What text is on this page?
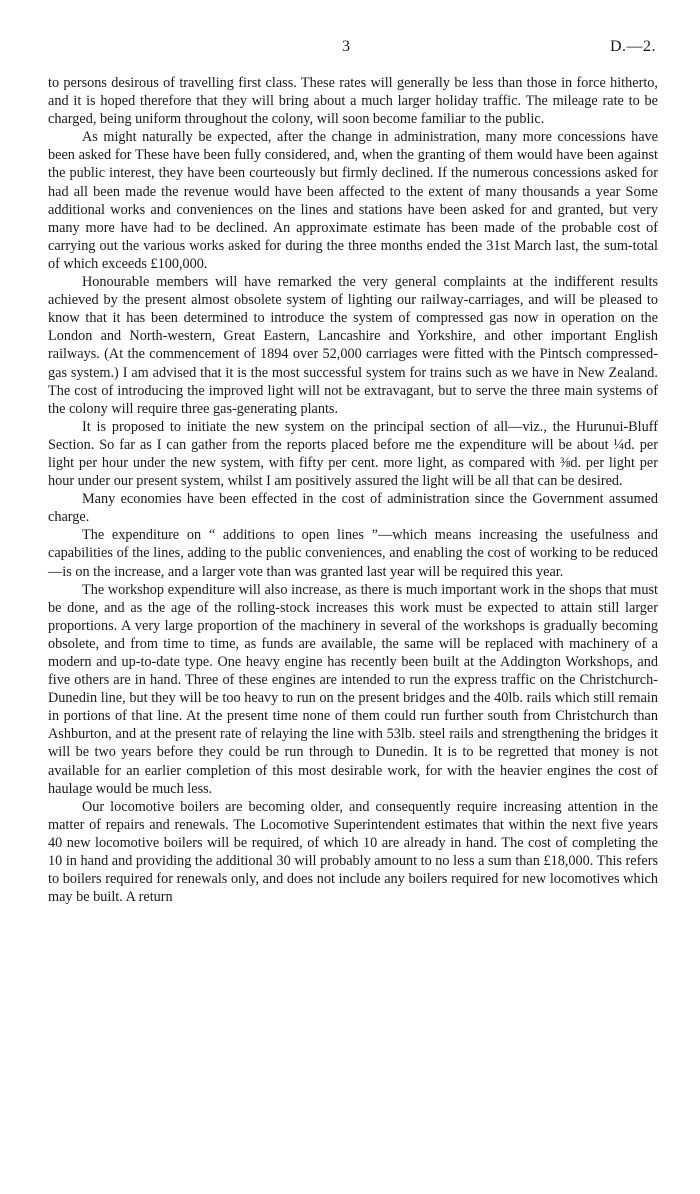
3	D.—2.

to persons desirous of travelling first class. These rates will generally be less than those in force hitherto, and it is hoped therefore that they will bring about a much larger holiday traffic. The mileage rate to be charged, being uniform throughout the colony, will soon become familiar to the public.

As might naturally be expected, after the change in administration, many more concessions have been asked for These have been fully considered, and, when the granting of them would have been against the public interest, they have been courteously but firmly declined. If the numerous concessions asked for had all been made the revenue would have been affected to the extent of many thousands a year Some additional works and conveniences on the lines and stations have been asked for and granted, but very many more have had to be declined. An approximate estimate has been made of the probable cost of carrying out the various works asked for during the three months ended the 31st March last, the sum-total of which exceeds £100,000.

Honourable members will have remarked the very general complaints at the indifferent results achieved by the present almost obsolete system of lighting our railway-carriages, and will be pleased to know that it has been determined to introduce the system of compressed gas now in operation on the London and North-western, Great Eastern, Lancashire and Yorkshire, and other important English railways. (At the commencement of 1894 over 52,000 carriages were fitted with the Pintsch compressed-gas system.) I am advised that it is the most successful system for trains such as we have in New Zealand. The cost of introducing the improved light will not be extravagant, but to serve the three main systems of the colony will require three gas-generating plants.

It is proposed to initiate the new system on the principal section of all—viz., the Hurunui-Bluff Section. So far as I can gather from the reports placed before me the expenditure will be about ¼d. per light per hour under the new system, with fifty per cent. more light, as compared with ⅜d. per light per hour under our present system, whilst I am positively assured the light will be all that can be desired.

Many economies have been effected in the cost of administration since the Government assumed charge.

The expenditure on “ additions to open lines ”—which means increasing the usefulness and capabilities of the lines, adding to the public conveniences, and enabling the cost of working to be reduced—is on the increase, and a larger vote than was granted last year will be required this year.

The workshop expenditure will also increase, as there is much important work in the shops that must be done, and as the age of the rolling-stock increases this work must be expected to attain still larger proportions. A very large proportion of the machinery in several of the workshops is gradually becoming obsolete, and from time to time, as funds are available, the same will be replaced with machinery of a modern and up-to-date type. One heavy engine has recently been built at the Addington Workshops, and five others are in hand. Three of these engines are intended to run the express traffic on the Christchurch-Dunedin line, but they will be too heavy to run on the present bridges and the 40lb. rails which still remain in portions of that line. At the present time none of them could run further south from Christchurch than Ashburton, and at the present rate of relaying the line with 53lb. steel rails and strengthening the bridges it will be two years before they could be run through to Dunedin. It is to be regretted that money is not available for an earlier completion of this most desirable work, for with the heavier engines the cost of haulage would be much less.

Our locomotive boilers are becoming older, and consequently require increasing attention in the matter of repairs and renewals. The Locomotive Superintendent estimates that within the next five years 40 new locomotive boilers will be required, of which 10 are already in hand. The cost of completing the 10 in hand and providing the additional 30 will probably amount to no less a sum than £18,000. This refers to boilers required for renewals only, and does not include any boilers required for new locomotives which may be built. A return
